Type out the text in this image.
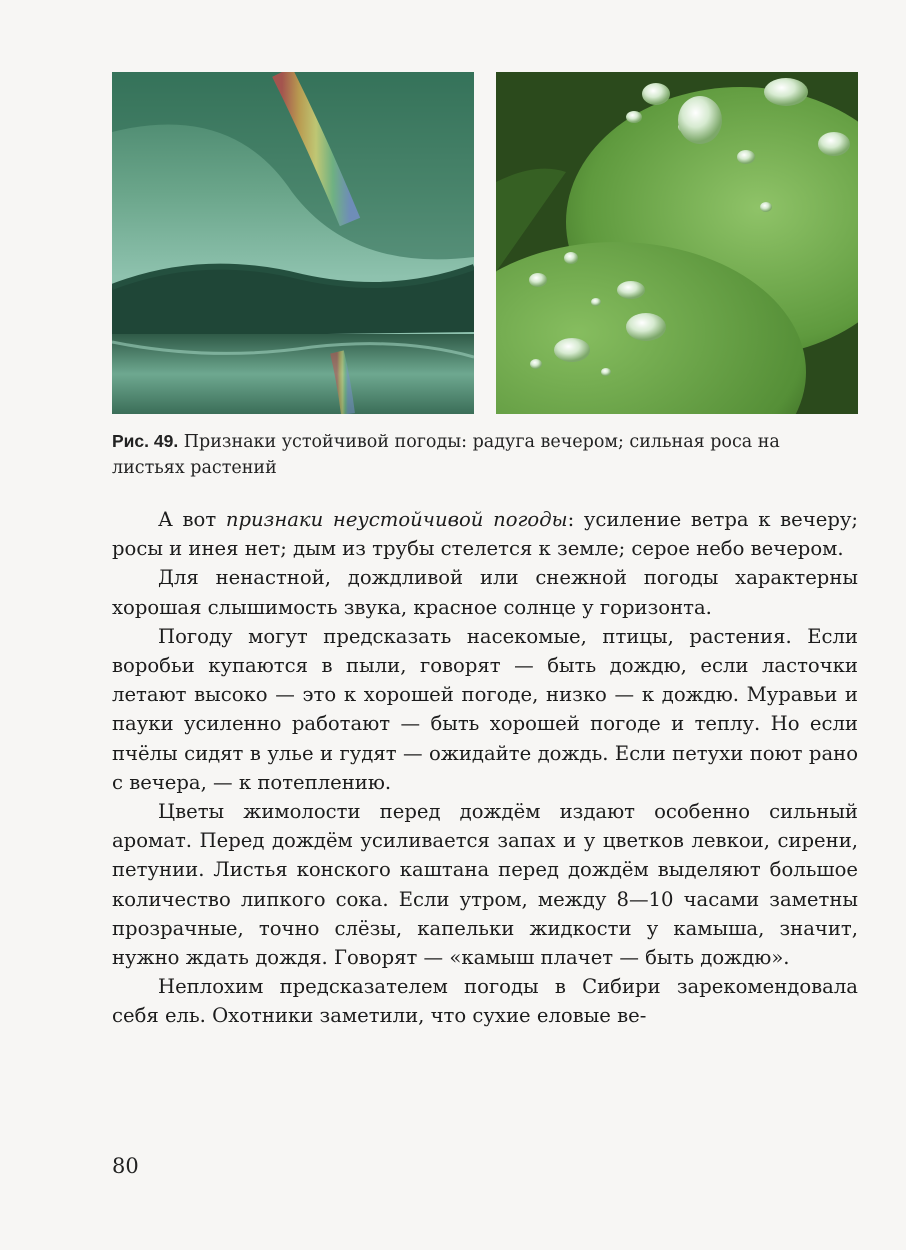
Рис. 49. Признаки устойчивой погоды: радуга вечером; сильная роса на листьях растений

А вот признаки неустойчивой погоды: усиление ветра к вечеру; росы и инея нет; дым из трубы стелется к земле; серое небо вечером.

Для ненастной, дождливой или снежной погоды характерны хорошая слышимость звука, красное солнце у горизонта.

Погоду могут предсказать насекомые, птицы, растения. Если воробьи купаются в пыли, говорят — быть дождю, если ласточки летают высоко — это к хорошей погоде, низко — к дождю. Муравьи и пауки усиленно работают — быть хорошей погоде и теплу. Но если пчёлы сидят в улье и гудят — ожидайте дождь. Если петухи поют рано с вечера, — к потеплению.

Цветы жимолости перед дождём издают особенно сильный аромат. Перед дождём усиливается запах и у цветков левкои, сирени, петунии. Листья конского каштана перед дождём выделяют большое количество липкого сока. Если утром, между 8—10 часами заметны прозрачные, точно слёзы, капельки жидкости у камыша, значит, нужно ждать дождя. Говорят — «камыш плачет — быть дождю».

Неплохим предсказателем погоды в Сибири зарекомендовала себя ель. Охотники заметили, что сухие еловые ве-

80
